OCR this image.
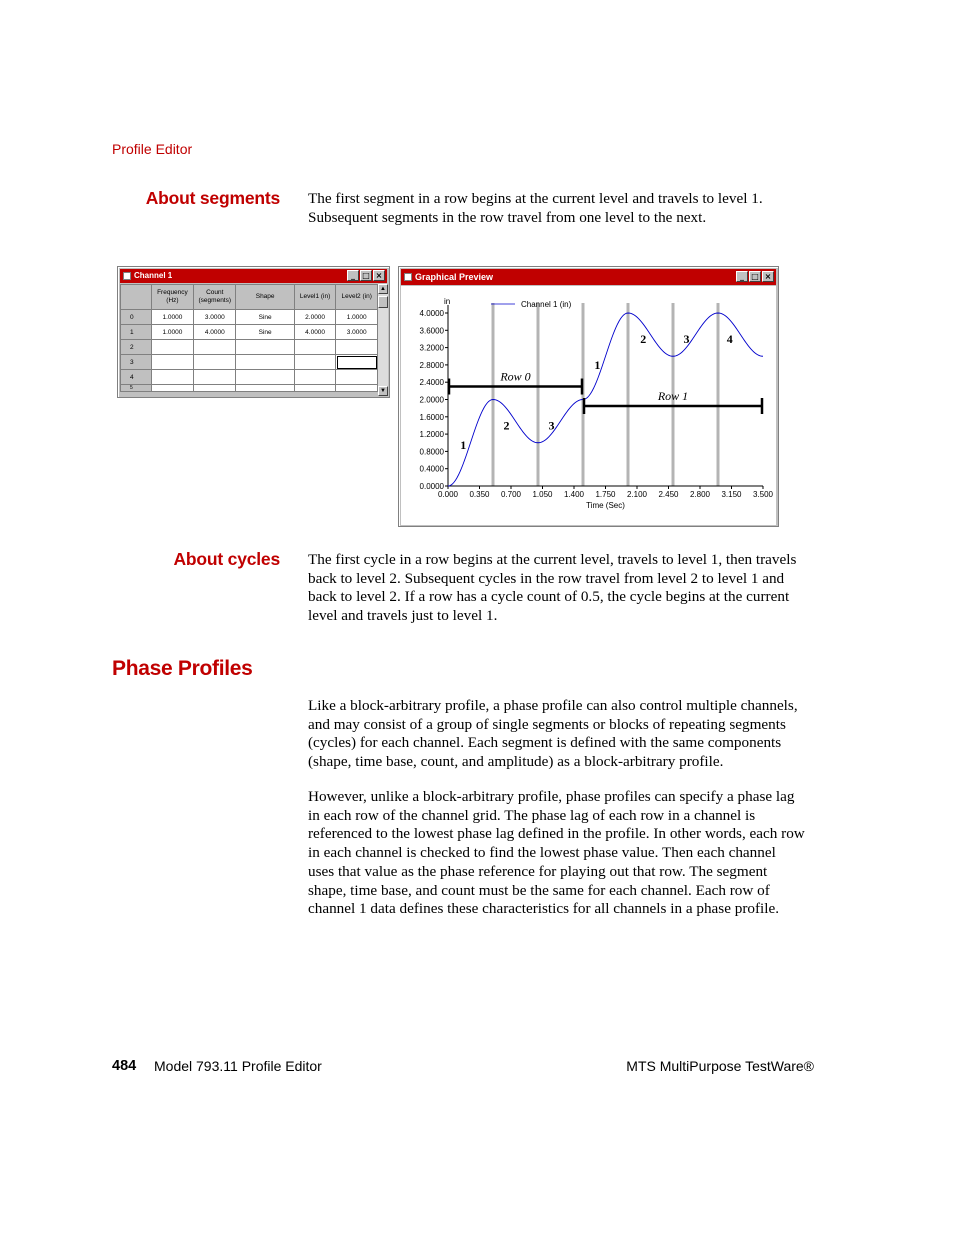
Profile Editor
About segments The first segment in a row begins at the current level and travels to level 1.
Subsequent segments in the row travel from one level to the next.
Channel 1	_ □ ×
	Frequency (Hz)	Count (segments)	Shape	Level1 (in)	Level2 (in)
0	1.0000	3.0000	Sine	2.0000	1.0000
1	1.0000	4.0000	Sine	4.0000	3.0000
2					
3					
4					
5					
▲
▼
Graphical Preview	_ □ ×
4.0000
3.6000
3.2000
2.8000
2.4000
2.0000
1.6000
1.2000
0.8000
0.4000
0.0000
0.000 0.350 0.700 1.050 1.400 1.750 2.100 2.450 2.800 3.150 3.500
in
Time (Sec)
Channel 1 (in)
Row 0
Row 1
1
2	3
1
2	3	4
About cycles The first cycle in a row begins at the current level, travels to level 1, then travels
back to level 2. Subsequent cycles in the row travel from level 2 to level 1 and
back to level 2. If a row has a cycle count of 0.5, the cycle begins at the current
level and travels just to level 1.
Phase Profiles
Like a block-arbitrary profile, a phase profile can also control multiple channels,
and may consist of a group of single segments or blocks of repeating segments
(cycles) for each channel. Each segment is defined with the same components
(shape, time base, count, and amplitude) as a block-arbitrary profile.
However, unlike a block-arbitrary profile, phase profiles can specify a phase lag
in each row of the channel grid. The phase lag of each row in a channel is
referenced to the lowest phase lag defined in the profile. In other words, each row
in each channel is checked to find the lowest phase value. Then each channel
uses that value as the phase reference for playing out that row. The segment
shape, time base, and count must be the same for each channel. Each row of
channel 1 data defines these characteristics for all channels in a phase profile.
484 Model 793.11 Profile Editor	MTS MultiPurpose TestWare®
